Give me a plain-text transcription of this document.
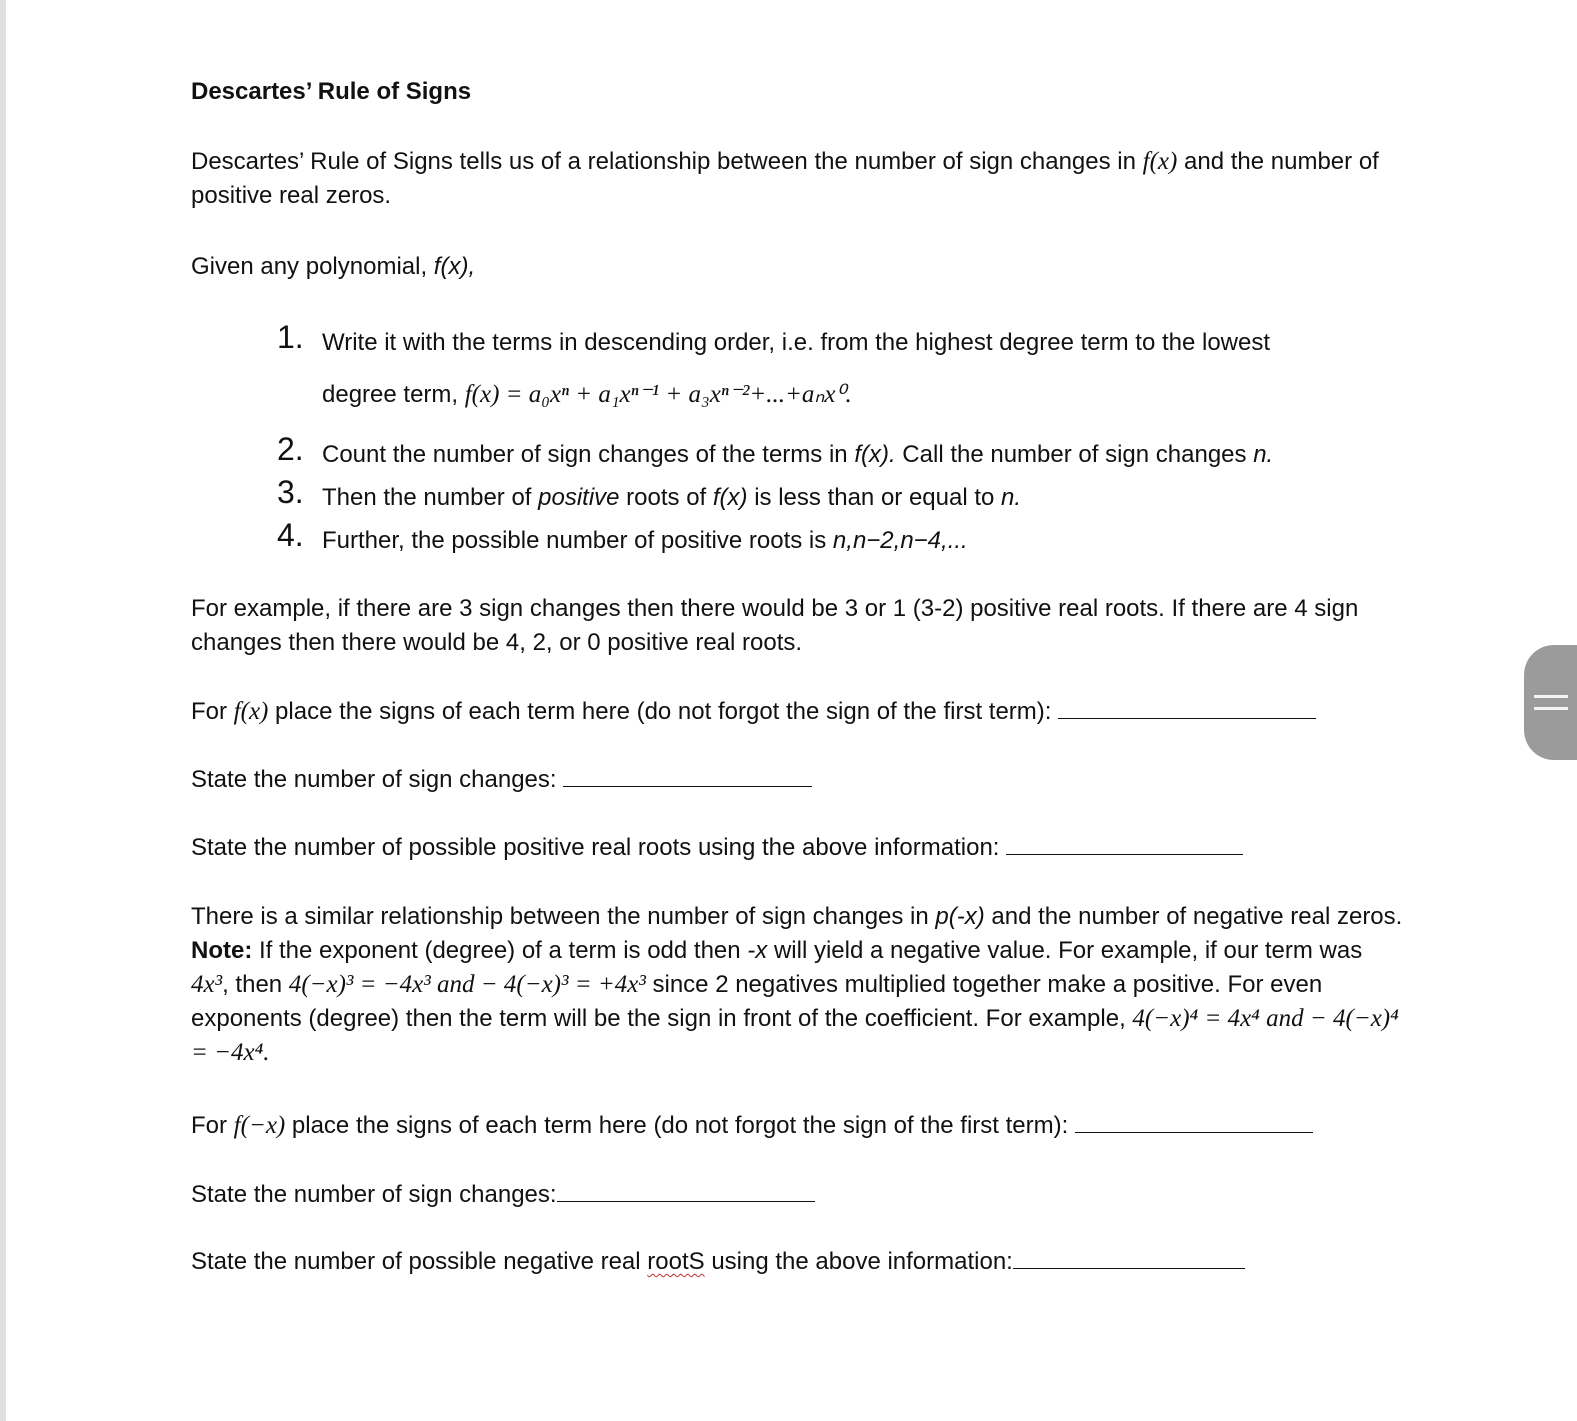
Descartes’ Rule of Signs
Descartes’ Rule of Signs tells us of a relationship between the number of sign changes in f(x) and the number of positive real zeros.
Given any polynomial, f(x),
1. Write it with the terms in descending order, i.e. from the highest degree term to the lowest
degree term, f(x) = a₀xⁿ + a₁xⁿ⁻¹ + a₃xⁿ⁻²+...+aₙx⁰.
2. Count the number of sign changes of the terms in f(x). Call the number of sign changes n.
3. Then the number of positive roots of f(x) is less than or equal to n.
4. Further, the possible number of positive roots is n,n−2,n−4,...
For example, if there are 3 sign changes then there would be 3 or 1 (3-2) positive real roots. If there are 4 sign changes then there would be 4, 2, or 0 positive real roots.
For f(x) place the signs of each term here (do not forgot the sign of the first term):
State the number of sign changes:
State the number of possible positive real roots using the above information:
There is a similar relationship between the number of sign changes in p(-x) and the number of negative real zeros. Note: If the exponent (degree) of a term is odd then -x will yield a negative value. For example, if our term was 4x³, then 4(−x)³ = −4x³ and − 4(−x)³ = +4x³ since 2 negatives multiplied together make a positive. For even exponents (degree) then the term will be the sign in front of the coefficient. For example, 4(−x)⁴ = 4x⁴ and − 4(−x)⁴ = −4x⁴.
For f(−x) place the signs of each term here (do not forgot the sign of the first term):
State the number of sign changes:
State the number of possible negative real rootS using the above information:
